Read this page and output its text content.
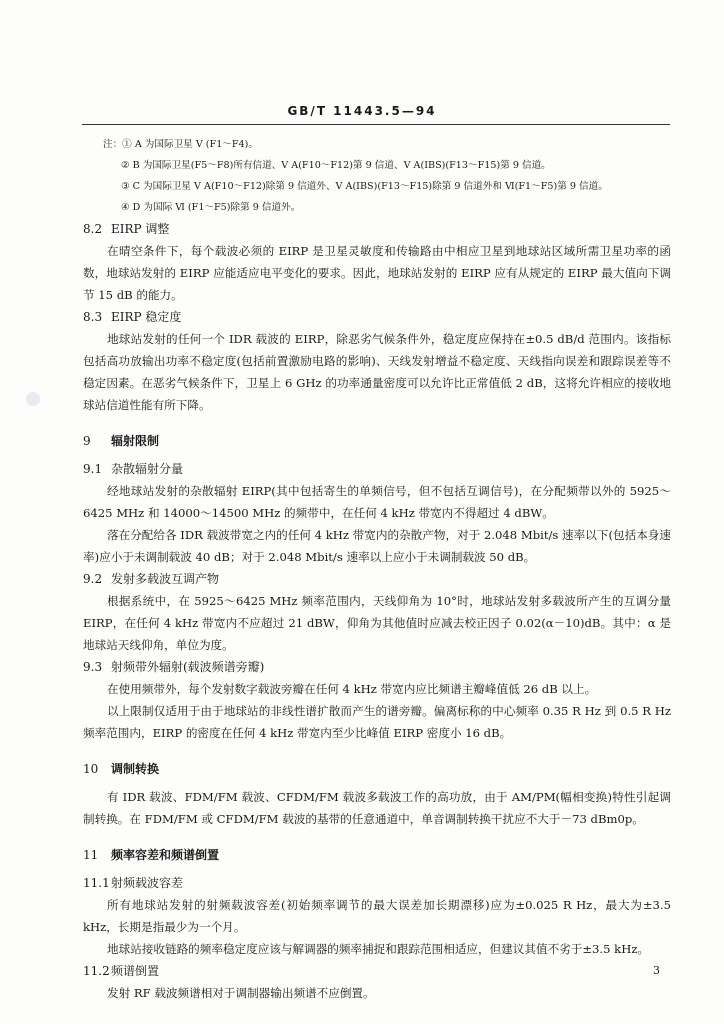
GB/T 11443.5—94

注：① A 为国际卫星 V (F1～F4)。

② B 为国际卫星(F5～F8)所有信道、V A(F10～F12)第 9 信道、V A(IBS)(F13～F15)第 9 信道。

③ C 为国际卫星 V A(F10～F12)除第 9 信道外、V A(IBS)(F13～F15)除第 9 信道外和 Ⅵ(F1～F5)第 9 信道。

④ D 为国际 Ⅵ (F1～F5)除第 9 信道外。

8.2 EIRP 调整

在晴空条件下，每个载波必须的 EIRP 是卫星灵敏度和传输路由中相应卫星到地球站区域所需卫星功率的函数，地球站发射的 EIRP 应能适应电平变化的要求。因此，地球站发射的 EIRP 应有从规定的 EIRP 最大值向下调节 15 dB 的能力。

8.3 EIRP 稳定度

地球站发射的任何一个 IDR 载波的 EIRP，除恶劣气候条件外，稳定度应保持在±0.5 dB/d 范围内。该指标包括高功放输出功率不稳定度(包括前置激励电路的影响)、天线发射增益不稳定度、天线指向误差和跟踪误差等不稳定因素。在恶劣气候条件下，卫星上 6 GHz 的功率通量密度可以允许比正常值低 2 dB，这将允许相应的接收地球站信道性能有所下降。

9 辐射限制

9.1 杂散辐射分量

经地球站发射的杂散辐射 EIRP(其中包括寄生的单频信号，但不包括互调信号)，在分配频带以外的 5925～6425 MHz 和 14000～14500 MHz 的频带中，在任何 4 kHz 带宽内不得超过 4 dBW。

落在分配给各 IDR 载波带宽之内的任何 4 kHz 带宽内的杂散产物，对于 2.048 Mbit/s 速率以下(包括本身速率)应小于未调制载波 40 dB；对于 2.048 Mbit/s 速率以上应小于未调制载波 50 dB。

9.2 发射多载波互调产物

根据系统中，在 5925～6425 MHz 频率范围内，天线仰角为 10°时，地球站发射多载波所产生的互调分量 EIRP，在任何 4 kHz 带宽内不应超过 21 dBW，仰角为其他值时应减去校正因子 0.02(α－10)dB。其中：α 是地球站天线仰角，单位为度。

9.3 射频带外辐射(载波频谱旁瓣)

在使用频带外，每个发射数字载波旁瓣在任何 4 kHz 带宽内应比频谱主瓣峰值低 26 dB 以上。

以上限制仅适用于由于地球站的非线性谱扩散而产生的谱旁瓣。偏离标称的中心频率 0.35 R Hz 到 0.5 R Hz 频率范围内，EIRP 的密度在任何 4 kHz 带宽内至少比峰值 EIRP 密度小 16 dB。

10 调制转换

有 IDR 载波、FDM/FM 载波、CFDM/FM 载波多载波工作的高功放，由于 AM/PM(幅相变换)特性引起调制转换。在 FDM/FM 或 CFDM/FM 载波的基带的任意通道中，单音调制转换干扰应不大于－73 dBm0p。

11 频率容差和频谱倒置

11.1射频载波容差

所有地球站发射的射频载波容差(初始频率调节的最大误差加长期漂移)应为±0.025 R Hz，最大为±3.5 kHz，长期是指最少为一个月。

地球站接收链路的频率稳定度应该与解调器的频率捕捉和跟踪范围相适应，但建议其值不劣于±3.5 kHz。

11.2频谱倒置

发射 RF 载波频谱相对于调制器输出频谱不应倒置。

3
